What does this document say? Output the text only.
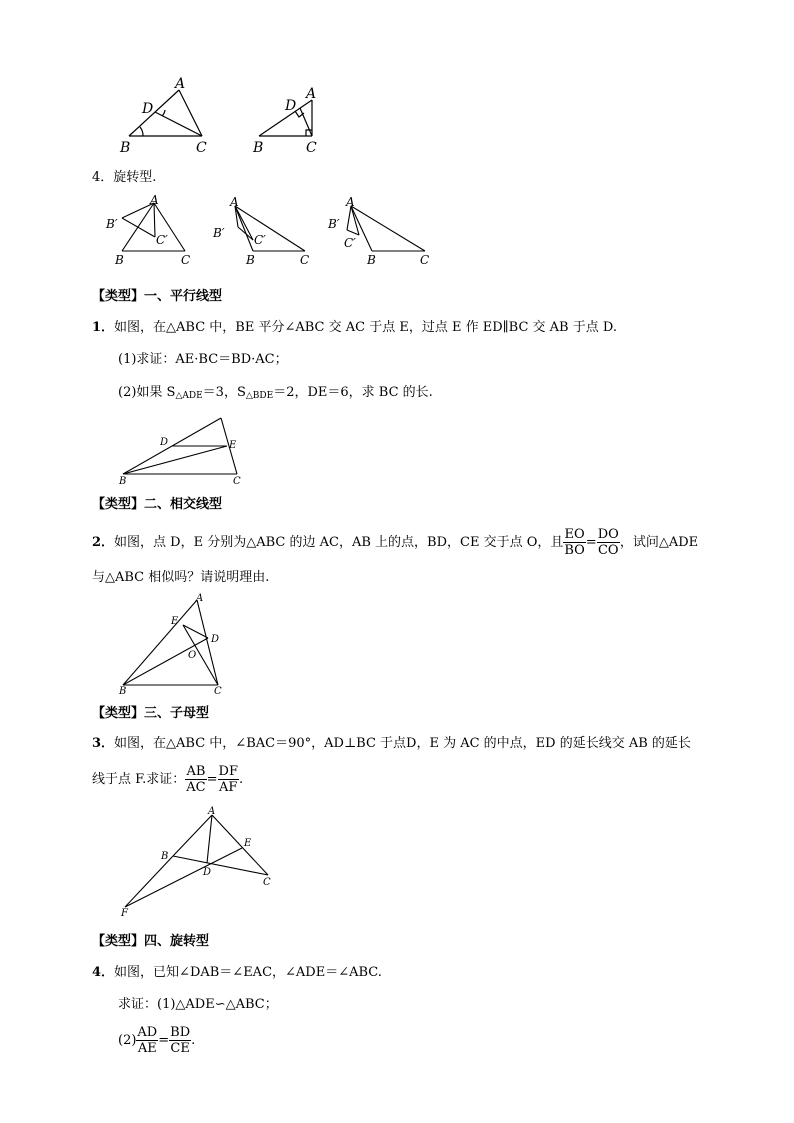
A
D
B	C
D
A
B	C
4．旋转型.
A
B′
C′
B	C
A
B′ C′
B	C
A
B′
C′
B	C
【类型】一、平行线型
1．如图，在△ABC 中，BE 平分∠ABC 交 AC 于点 E，过点 E 作 ED∥BC 交 AB 于点 D.
(1)求证：AE·BC＝BD·AC；
(2)如果 $S_{\triangle ADE}=3$，$S_{\triangle BDE}=2$，DE＝6，求 BC 的长.
D	E
B	C
【类型】二、相交线型
2．如图，点 D，E 分别为△ABC 的边 AC，AB 上的点，BD，CE 交于点 O，且 $\frac{EO}{BO} = \frac{DO}{CO}$ ，试问△ADE
与△ABC 相似吗？请说明理由.
A
E
D
O
B	C
【类型】三、子母型
3．如图，在△ABC 中，∠BAC＝90°，AD⊥BC 于点D，E 为 AC 的中点，ED 的延长线交 AB 的延长
线于点 F.求证： $\frac{AB}{AC} = \frac{DF}{AF}$ .
A
B
E
D
C
F
【类型】四、旋转型
4．如图，已知∠DAB＝∠EAC，∠ADE＝∠ABC.
求证：(1)△ADE∽△ABC；
$(2) \frac{AD}{AE} = \frac{BD}{CE}$ .
